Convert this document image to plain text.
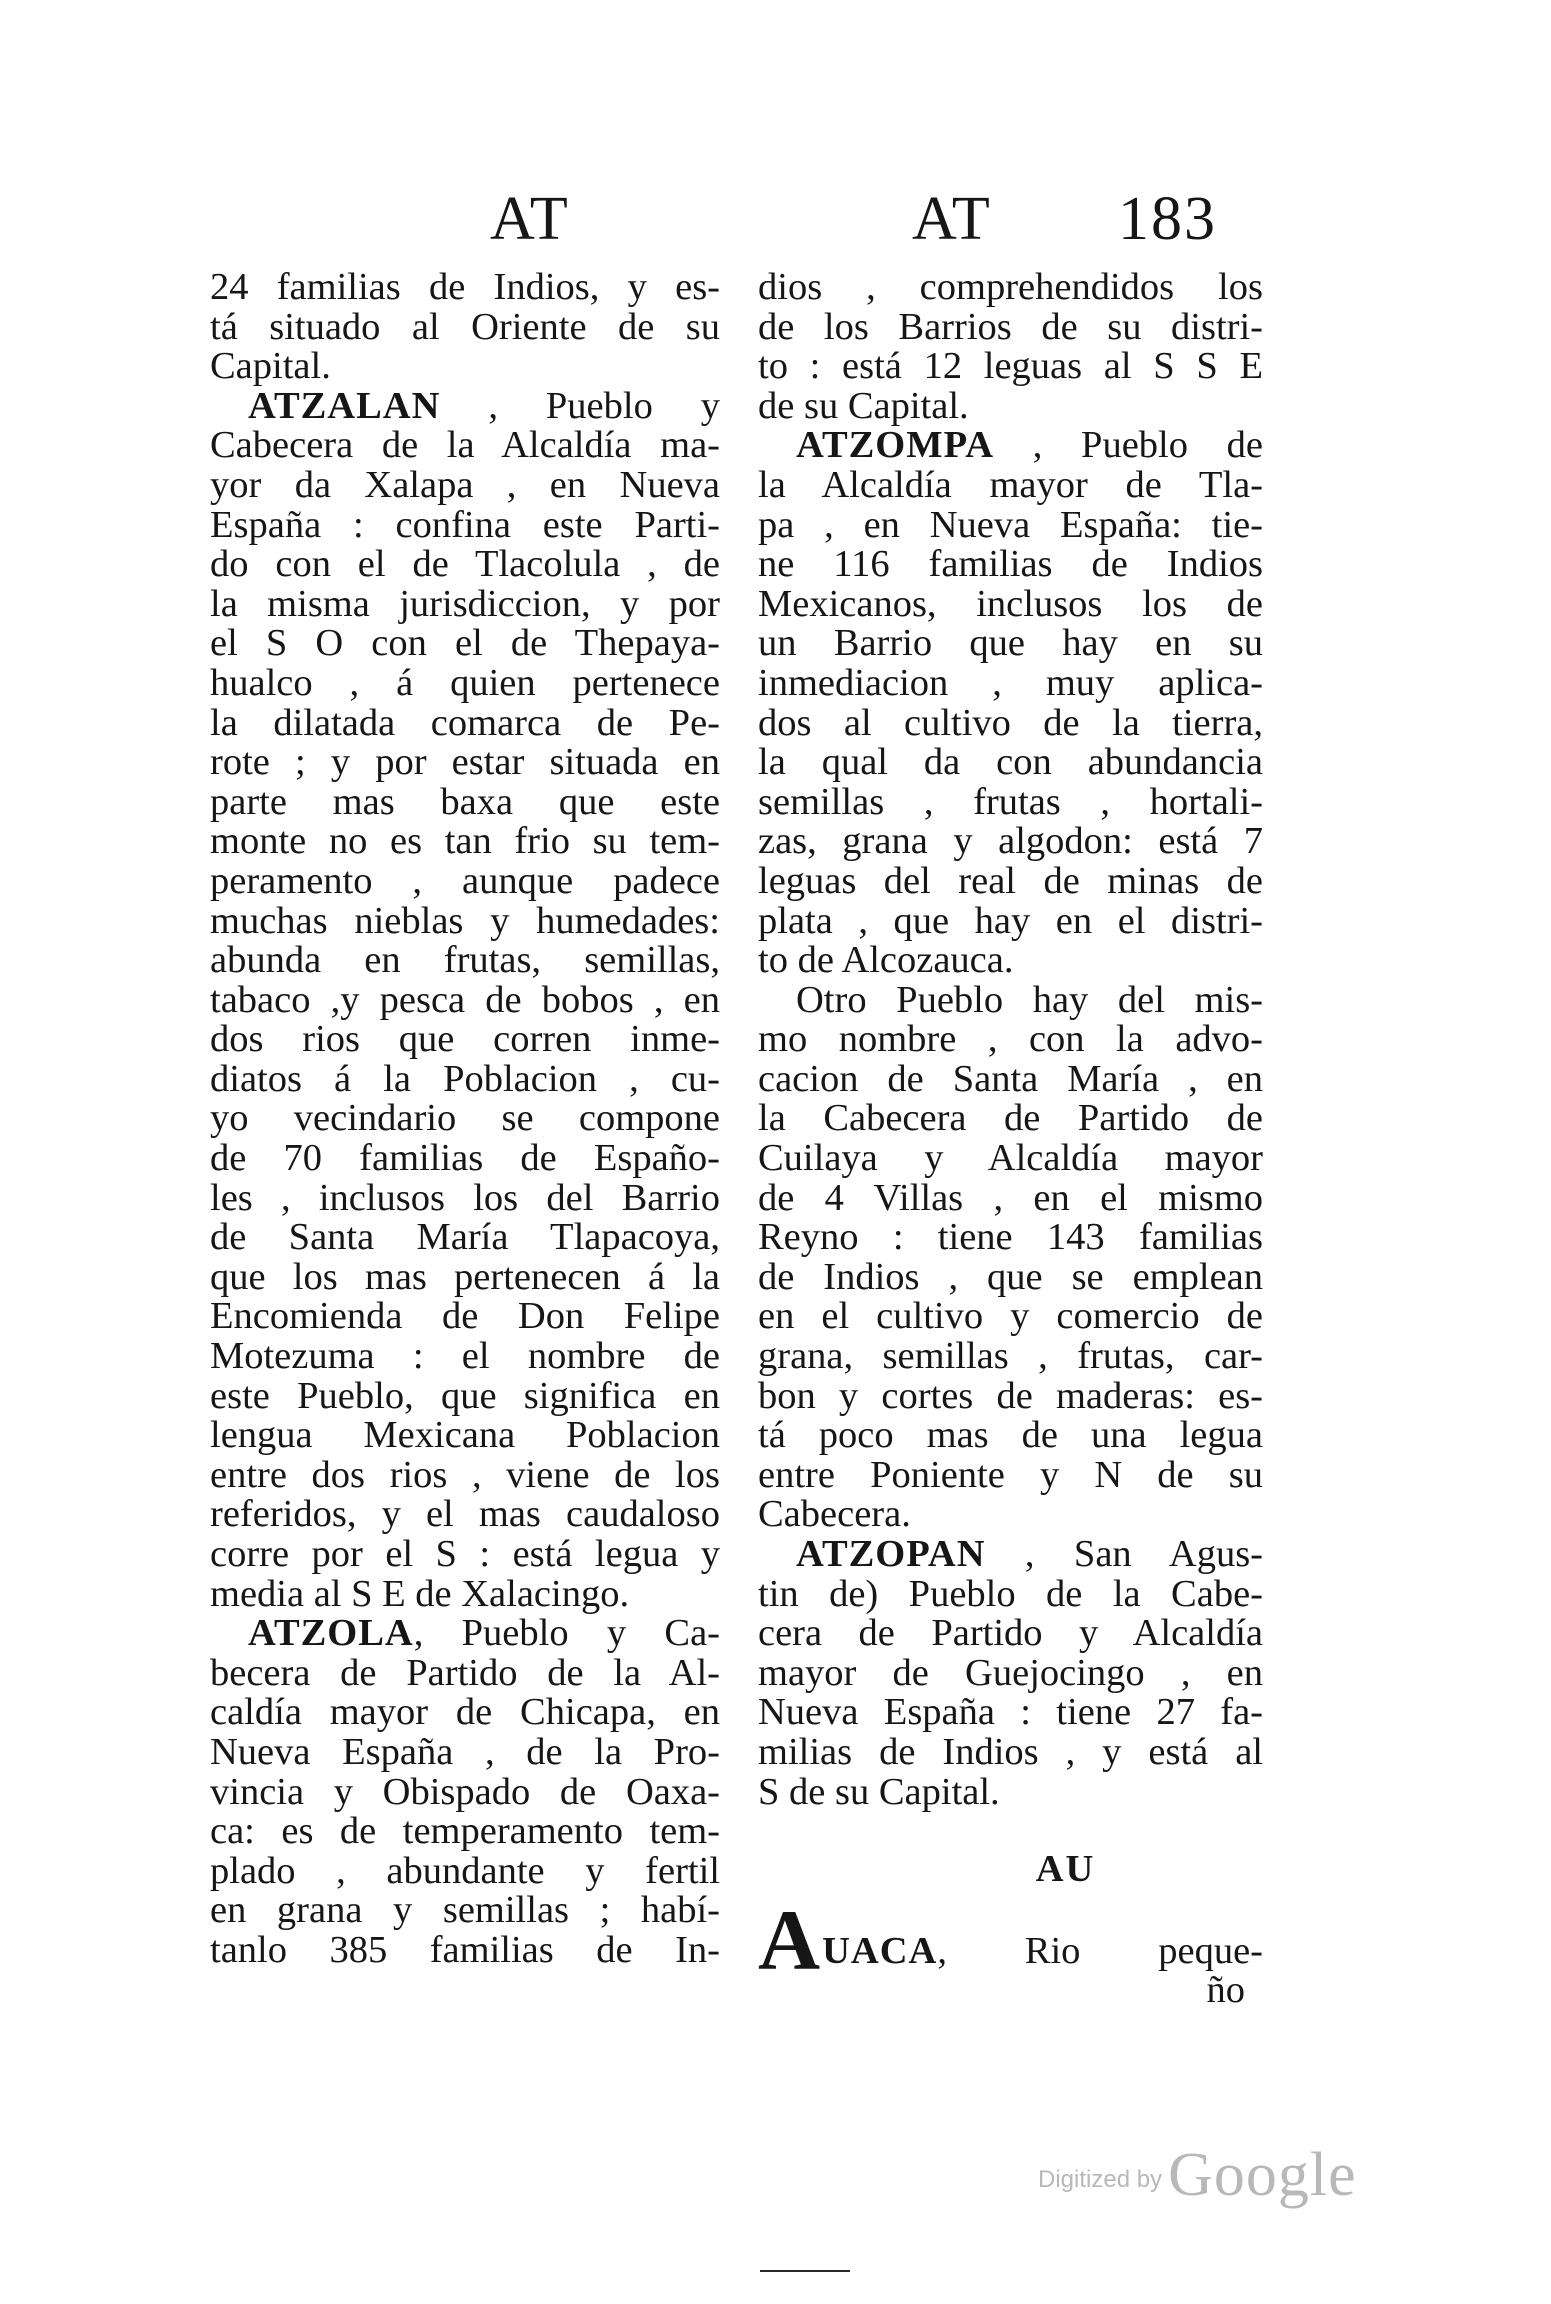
AT	AT 183
24 familias de Indios, y es-
tá situado al Oriente de su
Capital.
ATZALAN , Pueblo y
Cabecera de la Alcaldía ma-
yor da Xalapa , en Nueva
España : confina este Parti-
do con el de Tlacolula , de
la misma jurisdiccion, y por
el S O con el de Thepaya-
hualco , á quien pertenece
la dilatada comarca de Pe-
rote ; y por estar situada en
parte mas baxa que este
monte no es tan frio su tem-
peramento , aunque padece
muchas nieblas y humedades:
abunda en frutas, semillas,
tabaco ,y pesca de bobos , en
dos rios que corren inme-
diatos á la Poblacion , cu-
yo vecindario se compone
de 70 familias de Españo-
les , inclusos los del Barrio
de Santa María Tlapacoya,
que los mas pertenecen á la
Encomienda de Don Felipe
Motezuma : el nombre de
este Pueblo, que significa en
lengua Mexicana Poblacion
entre dos rios , viene de los
referidos, y el mas caudaloso
corre por el S : está legua y
media al S E de Xalacingo.
ATZOLA, Pueblo y Ca-
becera de Partido de la Al-
caldía mayor de Chicapa, en
Nueva España , de la Pro-
vincia y Obispado de Oaxa-
ca: es de temperamento tem-
plado , abundante y fertil
en grana y semillas ; habí-
tanlo 385 familias de In-
dios , comprehendidos los
de los Barrios de su distri-
to : está 12 leguas al S S E
de su Capital.
ATZOMPA , Pueblo de
la Alcaldía mayor de Tla-
pa , en Nueva España: tie-
ne 116 familias de Indios
Mexicanos, inclusos los de
un Barrio que hay en su
inmediacion , muy aplica-
dos al cultivo de la tierra,
la qual da con abundancia
semillas , frutas , hortali-
zas, grana y algodon: está 7
leguas del real de minas de
plata , que hay en el distri-
to de Alcozauca.
Otro Pueblo hay del mis-
mo nombre , con la advo-
cacion de Santa María , en
la Cabecera de Partido de
Cuilaya y Alcaldía mayor
de 4 Villas , en el mismo
Reyno : tiene 143 familias
de Indios , que se emplean
en el cultivo y comercio de
grana, semillas , frutas, car-
bon y cortes de maderas: es-
tá poco mas de una legua
entre Poniente y N de su
Cabecera.
ATZOPAN , San Agus-
tin de) Pueblo de la Cabe-
cera de Partido y Alcaldía
mayor de Guejocingo , en
Nueva España : tiene 27 fa-
milias de Indios , y está al
S de su Capital.
AU
AUACA, Rio peque-
ño
Digitized byGoogle
